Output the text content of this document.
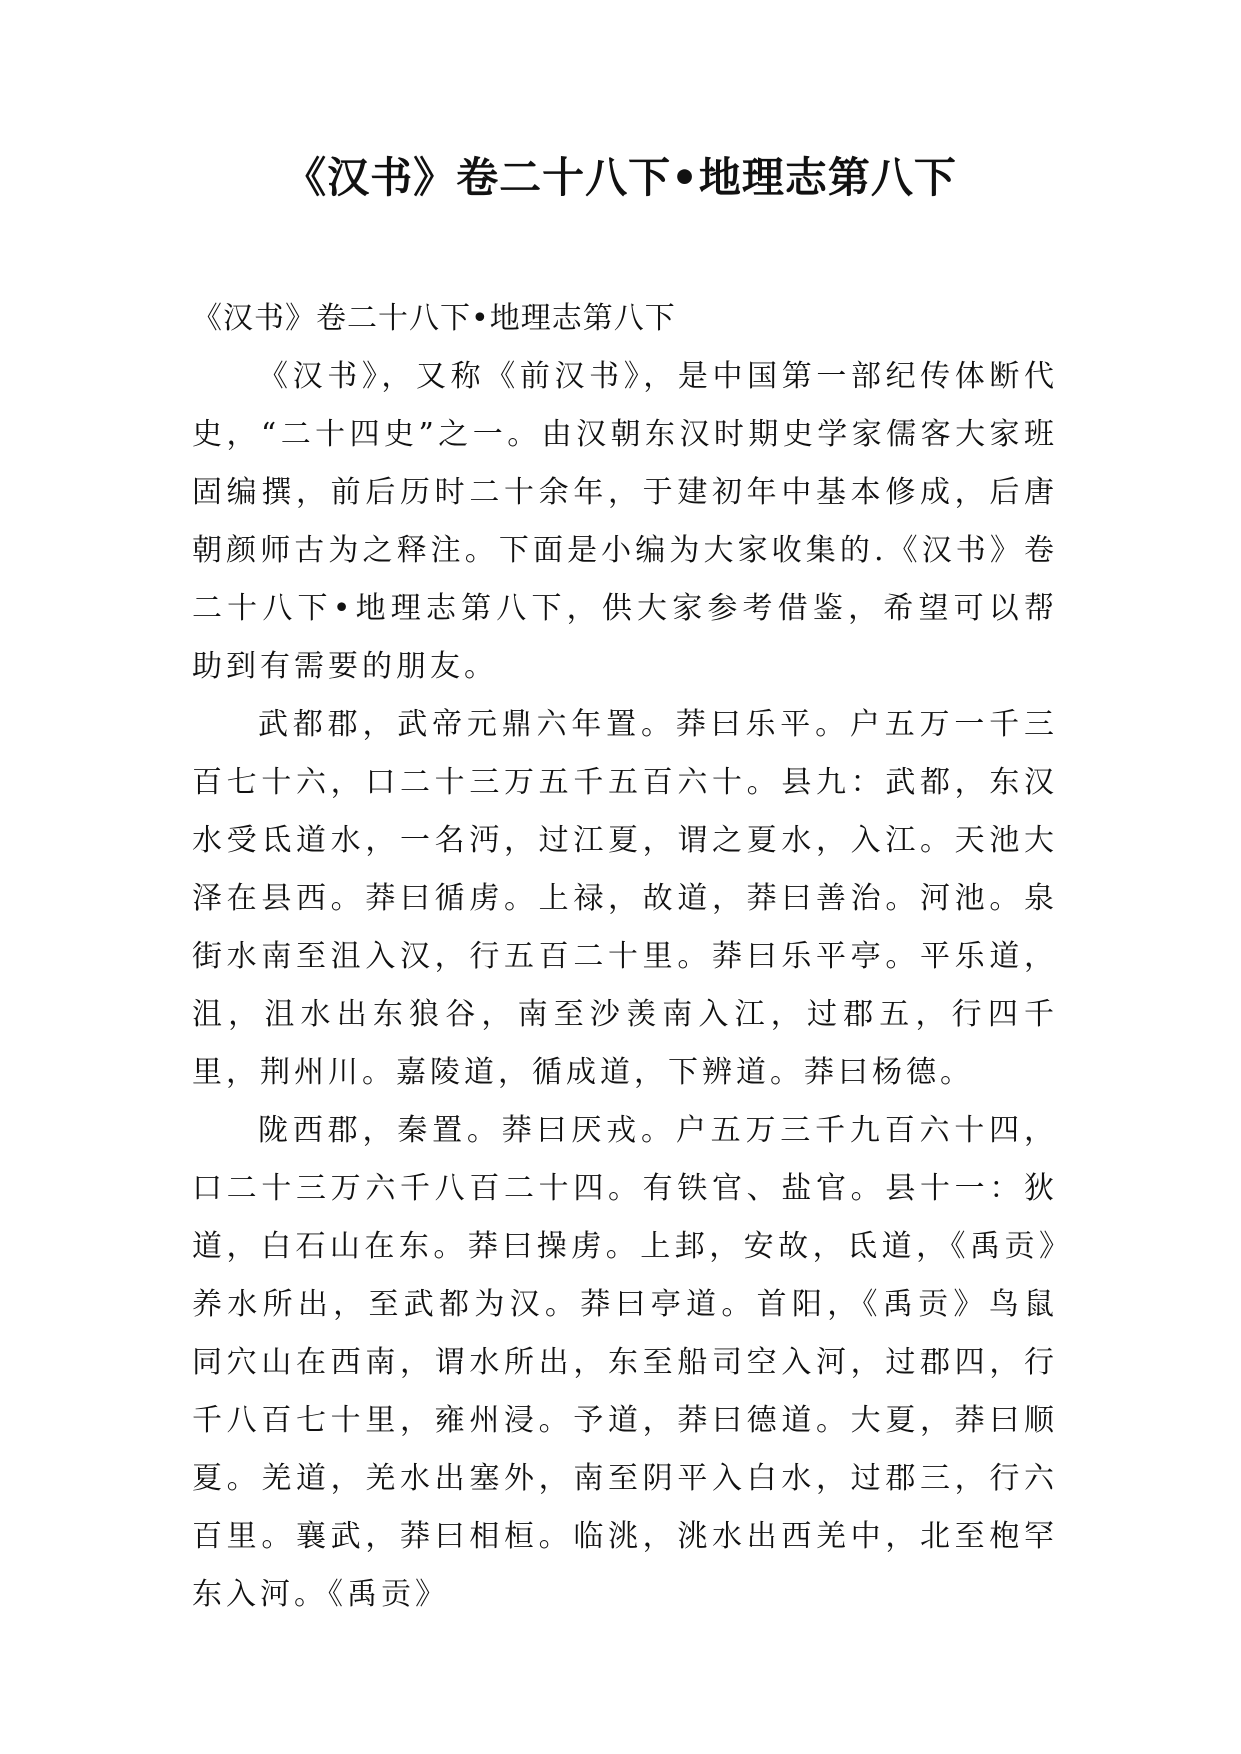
《汉书》卷二十八下•地理志第八下

《汉书》卷二十八下•地理志第八下

《汉书》，又称《前汉书》，是中国第一部纪传体断代史，“二十四史”之一。由汉朝东汉时期史学家儒客大家班固编撰，前后历时二十余年，于建初年中基本修成，后唐朝颜师古为之释注。下面是小编为大家收集的.《汉书》卷二十八下•地理志第八下，供大家参考借鉴，希望可以帮助到有需要的朋友。

武都郡，武帝元鼎六年置。莽曰乐平。户五万一千三百七十六，口二十三万五千五百六十。县九：武都，东汉水受氐道水，一名沔，过江夏，谓之夏水，入江。天池大泽在县西。莽曰循虏。上禄，故道，莽曰善治。河池。泉街水南至沮入汉，行五百二十里。莽曰乐平亭。平乐道，沮，沮水出东狼谷，南至沙羡南入江，过郡五，行四千里，荆州川。嘉陵道，循成道，下辨道。莽曰杨德。

陇西郡，秦置。莽曰厌戎。户五万三千九百六十四，口二十三万六千八百二十四。有铁官、盐官。县十一：狄道，白石山在东。莽曰操虏。上邽，安故，氐道，《禹贡》养水所出，至武都为汉。莽曰亭道。首阳，《禹贡》鸟鼠同穴山在西南，谓水所出，东至船司空入河，过郡四，行千八百七十里，雍州浸。予道，莽曰德道。大夏，莽曰顺夏。羌道，羌水出塞外，南至阴平入白水，过郡三，行六百里。襄武，莽曰相桓。临洮，洮水出西羌中，北至枹罕东入河。《禹贡》
